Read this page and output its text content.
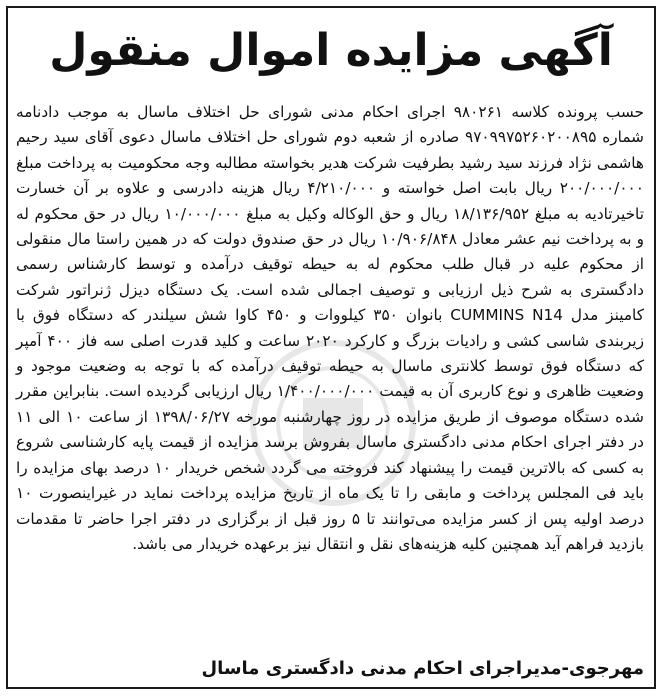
آگهی مزایده اموال منقول

حسب پرونده کلاسه ۹۸۰۲۶۱ اجرای احکام مدنی شورای حل اختلاف ماسال به موجب دادنامه شماره ۹۷۰۹۹۷۵۲۶۰۲۰۰۸۹۵ صادره از شعبه دوم شورای حل اختلاف ماسال دعوی آقای سید رحیم هاشمی نژاد فرزند سید رشید بطرفیت شرکت هدیر بخواسته مطالبه وجه محکومیت به پرداخت مبلغ ۲۰۰/۰۰۰/۰۰۰ ریال بابت اصل خواسته و ۴/۲۱۰/۰۰۰ ریال هزینه دادرسی و علاوه بر آن خسارت تاخیرتادیه به مبلغ ۱۸/۱۳۶/۹۵۲ ریال و حق الوکاله وکیل به مبلغ ۱۰/۰۰۰/۰۰۰ ریال در حق محکوم له و به پرداخت نیم عشر معادل ۱۰/۹۰۶/۸۴۸ ریال در حق صندوق دولت که در همین راستا مال منقولی از محکوم علیه در قبال طلب محکوم له به حیطه توقیف درآمده و توسط کارشناس رسمی دادگستری به شرح ذیل ارزیابی و توصیف اجمالی شده است. یک دستگاه دیزل ژنراتور شرکت کامینز مدل CUMMINS N14 بانوان ۳۵۰ کیلووات و ۴۵۰ کاوا شش سیلندر که دستگاه فوق با زیربندی شاسی کشی و رادیات بزرگ و کارکرد ۲۰۲۰ ساعت و کلید قدرت اصلی سه فاز ۴۰۰ آمپر که دستگاه فوق توسط کلانتری ماسال به حیطه توقیف درآمده که با توجه به وضعیت موجود و وضعیت ظاهری و نوع کاربری آن به قیمت ۱/۴۰۰/۰۰۰/۰۰۰ ریال ارزیابی گردیده است. بنابراین مقرر شده دستگاه موصوف از طریق مزایده در روز چهارشنبه مورخه ۱۳۹۸/۰۶/۲۷ از ساعت ۱۰ الی ۱۱ در دفتر اجرای احکام مدنی دادگستری ماسال بفروش برسد مزایده از قیمت پایه کارشناسی شروع به کسی که بالاترین قیمت را پیشنهاد کند فروخته می گردد شخص خریدار ۱۰ درصد بهای مزایده را باید فی المجلس پرداخت و مابقی را تا یک ماه از تاریخ مزایده پرداخت نماید در غیراینصورت ۱۰ درصد اولیه پس از کسر مزایده می‌توانند تا ۵ روز قبل از برگزاری در دفتر اجرا حاضر تا مقدمات بازدید فراهم آید همچنین کلیه هزینه‌های نقل و انتقال نیز برعهده خریدار می باشد.

مهرجوی-مدیراجرای احکام مدنی دادگستری ماسال
